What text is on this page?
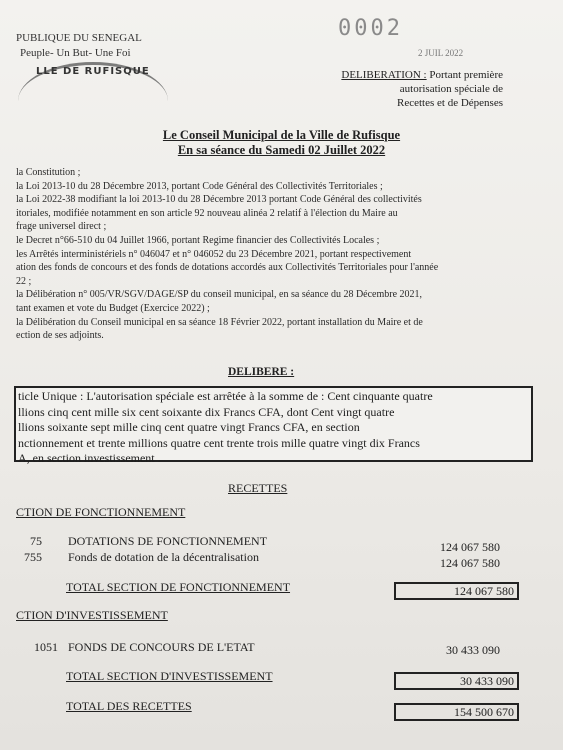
PUBLIQUE DU SENEGAL
Peuple- Un But- Une Foi
LLE DE RUFISQUE
0002
2 JUIL 2022
DELIBERATION : Portant première
autorisation spéciale de
Recettes et de Dépenses
Le Conseil Municipal de la Ville de Rufisque
En sa séance du Samedi 02 Juillet 2022
la Constitution ;
la Loi 2013-10 du 28 Décembre 2013, portant Code Général des Collectivités Territoriales ;
la Loi 2022-38 modifiant la loi 2013-10 du 28 Décembre 2013 portant Code Général des collectivités
itoriales, modifiée notamment en son article 92 nouveau alinéa 2 relatif à l'élection du Maire au
frage universel direct ;
le Decret n°66-510 du 04 Juillet 1966, portant Regime financier des Collectivités Locales ;
les Arrêtés interministériels n° 046047 et n° 046052 du 23 Décembre 2021, portant respectivement
ation des fonds de concours et des fonds de dotations accordés aux Collectivités Territoriales pour l'année
22 ;
la Délibération n° 005/VR/SGV/DAGE/SP du conseil municipal, en sa séance du 28 Décembre 2021,
tant examen et vote du Budget (Exercice 2022) ;
la Délibération du Conseil municipal en sa séance 18 Février 2022, portant installation du Maire et de
ection de ses adjoints.
DELIBERE :
ticle Unique : L'autorisation spéciale est arrêtée à la somme de : Cent cinquante quatre
llions cinq cent mille six cent soixante dix Francs CFA, dont Cent vingt quatre
llions soixante sept mille cinq cent quatre vingt Francs CFA, en section
nctionnement et trente millions quatre cent trente trois mille quatre vingt dix Francs
A, en section investissement .
RECETTES
CTION DE FONCTIONNEMENT
75 DOTATIONS DE FONCTIONNEMENT	124 067 580
755 Fonds de dotation de la décentralisation	124 067 580
TOTAL SECTION DE FONCTIONNEMENT	124 067 580
CTION D'INVESTISSEMENT
1051 FONDS DE CONCOURS DE L'ETAT	30 433 090
TOTAL SECTION D'INVESTISSEMENT	30 433 090
TOTAL DES RECETTES	154 500 670
